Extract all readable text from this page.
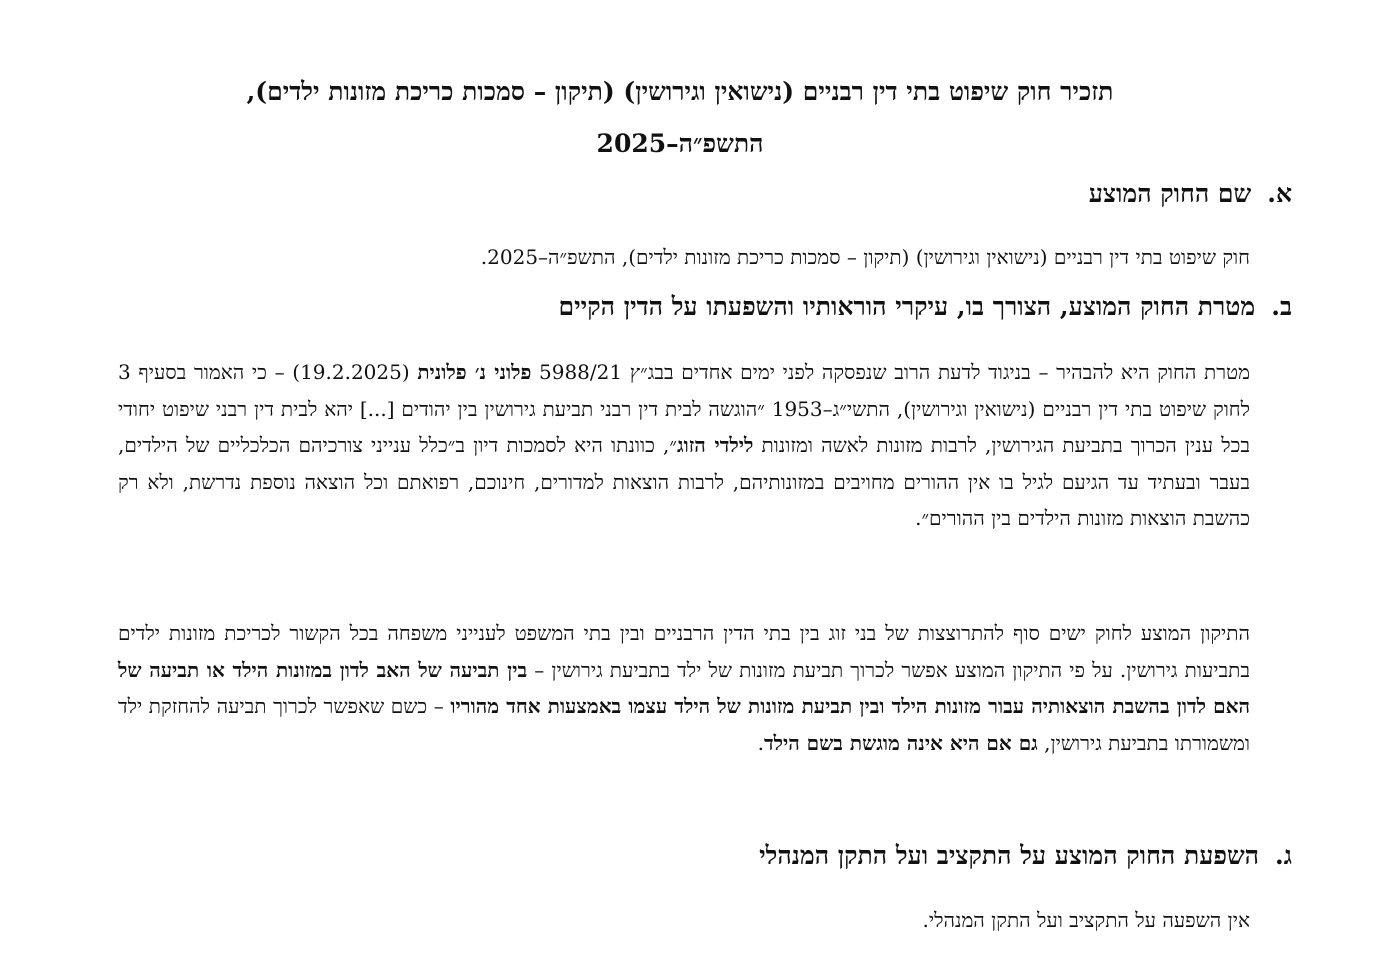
תזכיר חוק שיפוט בתי דין רבניים (נישואין וגירושין) (תיקון – סמכות כריכת מזונות ילדים),
התשפ״ה–2025
א.שם החוק המוצע
חוק שיפוט בתי דין רבניים (נישואין וגירושין) (תיקון – סמכות כריכת מזונות ילדים), התשפ״ה–2025.
ב.מטרת החוק המוצע, הצורך בו, עיקרי הוראותיו והשפעתו על הדין הקיים
מטרת החוק היא להבהיר – בניגוד לדעת הרוב שנפסקה לפני ימים אחדים בבג״ץ 5988/21 פלוני נ׳ פלונית (19.2.2025) – כי האמור בסעיף 3 לחוק שיפוט בתי דין רבניים (נישואין וגירושין), התשי״ג–1953 ״הוגשה לבית דין רבני תביעת גירושין בין יהודים [...] יהא לבית דין רבני שיפוט יחודי בכל ענין הכרוך בתביעת הגירושין, לרבות מזונות לאשה ומזונות לילדי הזוג״, כוונתו היא לסמכות דיון ב״כלל ענייני צורכיהם הכלכליים של הילדים, בעבר ובעתיד עד הגיעם לגיל בו אין ההורים מחויבים במזונותיהם, לרבות הוצאות למדורים, חינוכם, רפואתם וכל הוצאה נוספת נדרשת, ולא רק כהשבת הוצאות מזונות הילדים בין ההורים״.
התיקון המוצע לחוק ישים סוף להתרוצצות של בני זוג בין בתי הדין הרבניים ובין בתי המשפט לענייני משפחה בכל הקשור לכריכת מזונות ילדים בתביעות גירושין. על פי התיקון המוצע אפשר לכרוך תביעת מזונות של ילד בתביעת גירושין – בין תביעה של האב לדון במזונות הילד או תביעה של האם לדון בהשבת הוצאותיה עבור מזונות הילד ובין תביעת מזונות של הילד עצמו באמצעות אחד מהוריו – כשם שאפשר לכרוך תביעה להחזקת ילד ומשמורתו בתביעת גירושין, גם אם היא אינה מוגשת בשם הילד.
ג.השפעת החוק המוצע על התקציב ועל התקן המנהלי
אין השפעה על התקציב ועל התקן המנהלי.
